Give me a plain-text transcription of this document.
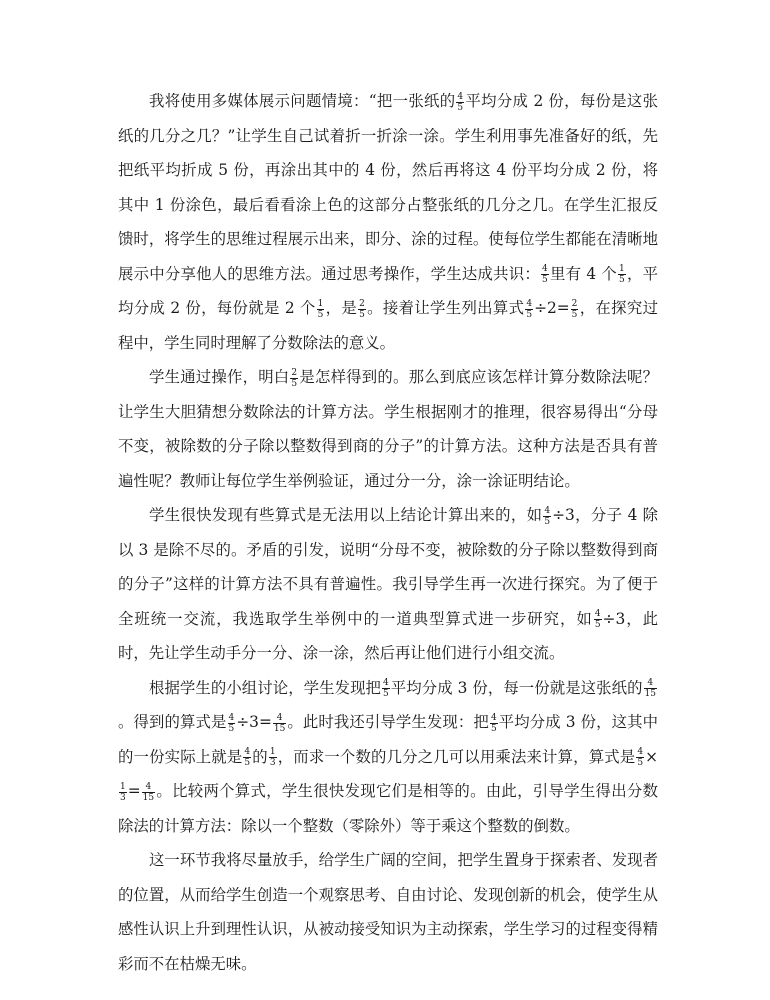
我将使用多媒体展示问题情境：“把一张纸的 $\frac{4}{5}$ 平均分成 2 份，每份是这张纸的几分之几？”让学生自己试着折一折涂一涂。学生利用事先准备好的纸，先把纸平均折成 5 份，再涂出其中的 4 份，然后再将这 4 份平均分成 2 份，将其中 1 份涂色，最后看看涂上色的这部分占整张纸的几分之几。在学生汇报反馈时，将学生的思维过程展示出来，即分、涂的过程。使每位学生都能在清晰地展示中分享他人的思维方法。通过思考操作，学生达成共识： $\frac{4}{5}$ 里有 4 个 $\frac{1}{5}$ ，平均分成 2 份，每份就是 2 个 $\frac{1}{5}$ ，是 $\frac{2}{5}$ 。接着让学生列出算式 $\frac{4}{5} \div 2= \frac{2}{5}$ ，在探究过程中，学生同时理解了分数除法的意义。

学生通过操作，明白 $\frac{2}{5}$ 是怎样得到的。那么到底应该怎样计算分数除法呢？让学生大胆猜想分数除法的计算方法。学生根据刚才的推理，很容易得出“分母不变，被除数的分子除以整数得到商的分子”的计算方法。这种方法是否具有普遍性呢？教师让每位学生举例验证，通过分一分，涂一涂证明结论。

学生很快发现有些算式是无法用以上结论计算出来的，如 $\frac{4}{5} \div 3$，分子 4 除以 3 是除不尽的。矛盾的引发，说明“分母不变，被除数的分子除以整数得到商的分子”这样的计算方法不具有普遍性。我引导学生再一次进行探究。为了便于全班统一交流，我选取学生举例中的一道典型算式进一步研究，如 $\frac{4}{5} \div 3$，此时，先让学生动手分一分、涂一涂，然后再让他们进行小组交流。

根据学生的小组讨论，学生发现把 $\frac{4}{5}$ 平均分成 3 份，每一份就是这张纸的 $\frac{4}{15}$
。得到的算式是 $\frac{4}{5} \div 3= \frac{4}{15}$ 。此时我还引导学生发现：把 $\frac{4}{5}$ 平均分成 3 份，这其中的一份实际上就是 $\frac{4}{5}$ 的 $\frac{1}{3}$ ，而求一个数的几分之几可以用乘法来计算，算式是 $\frac{4}{5}$ ×
$\frac{1}{3} = \frac{4}{15}$ 。比较两个算式，学生很快发现它们是相等的。由此，引导学生得出分数除法的计算方法：除以一个整数（零除外）等于乘这个整数的倒数。

这一环节我将尽量放手，给学生广阔的空间，把学生置身于探索者、发现者的位置，从而给学生创造一个观察思考、自由讨论、发现创新的机会，使学生从感性认识上升到理性认识，从被动接受知识为主动探索，学生学习的过程变得精彩而不在枯燥无味。
